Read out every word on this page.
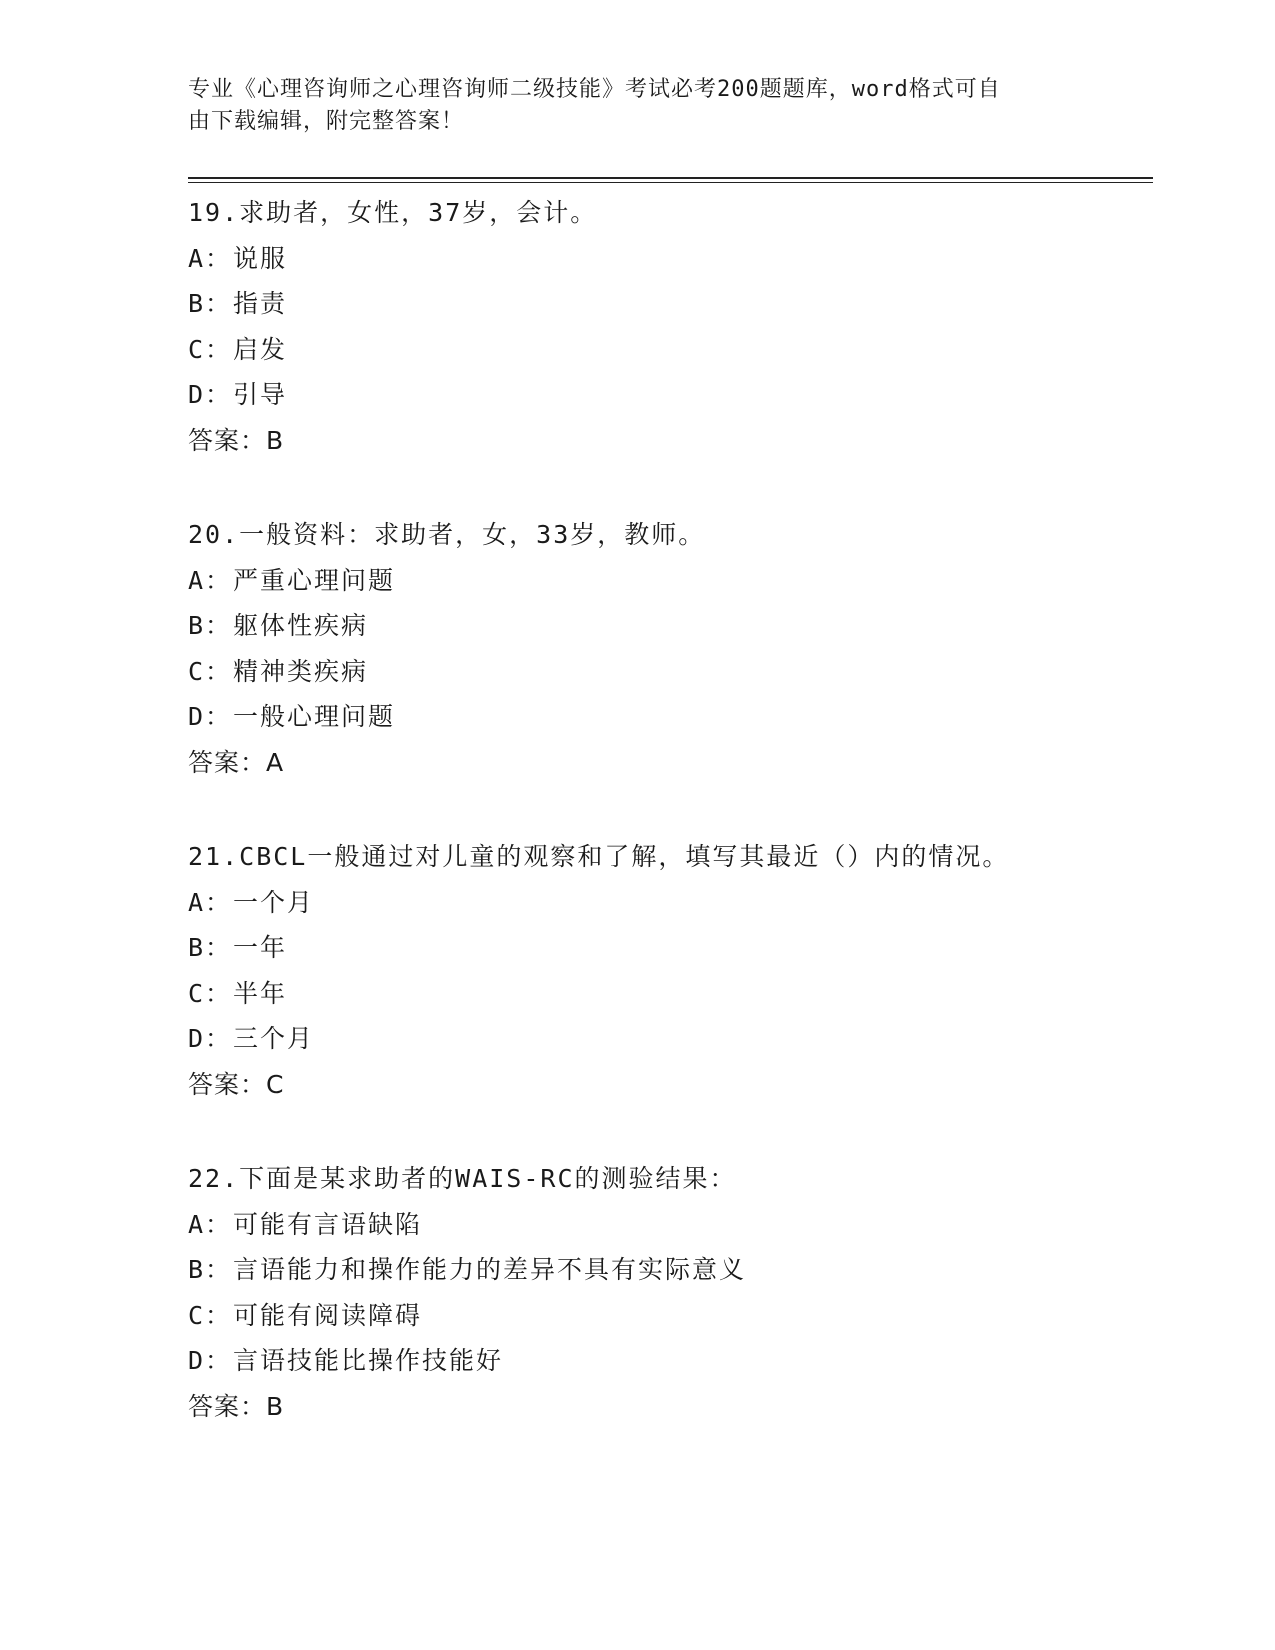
专业《心理咨询师之心理咨询师二级技能》考试必考200题题库，word格式可自
由下载编辑，附完整答案！
19.求助者，女性，37岁，会计。
A：说服
B：指责
C：启发
D：引导
答案：B
20.一般资料：求助者，女，33岁，教师。
A：严重心理问题
B：躯体性疾病
C：精神类疾病
D：一般心理问题
答案：A
21.CBCL一般通过对儿童的观察和了解，填写其最近（）内的情况。
A：一个月
B：一年
C：半年
D：三个月
答案：C
22.下面是某求助者的WAIS-RC的测验结果：
A：可能有言语缺陷
B：言语能力和操作能力的差异不具有实际意义
C：可能有阅读障碍
D：言语技能比操作技能好
答案：B
